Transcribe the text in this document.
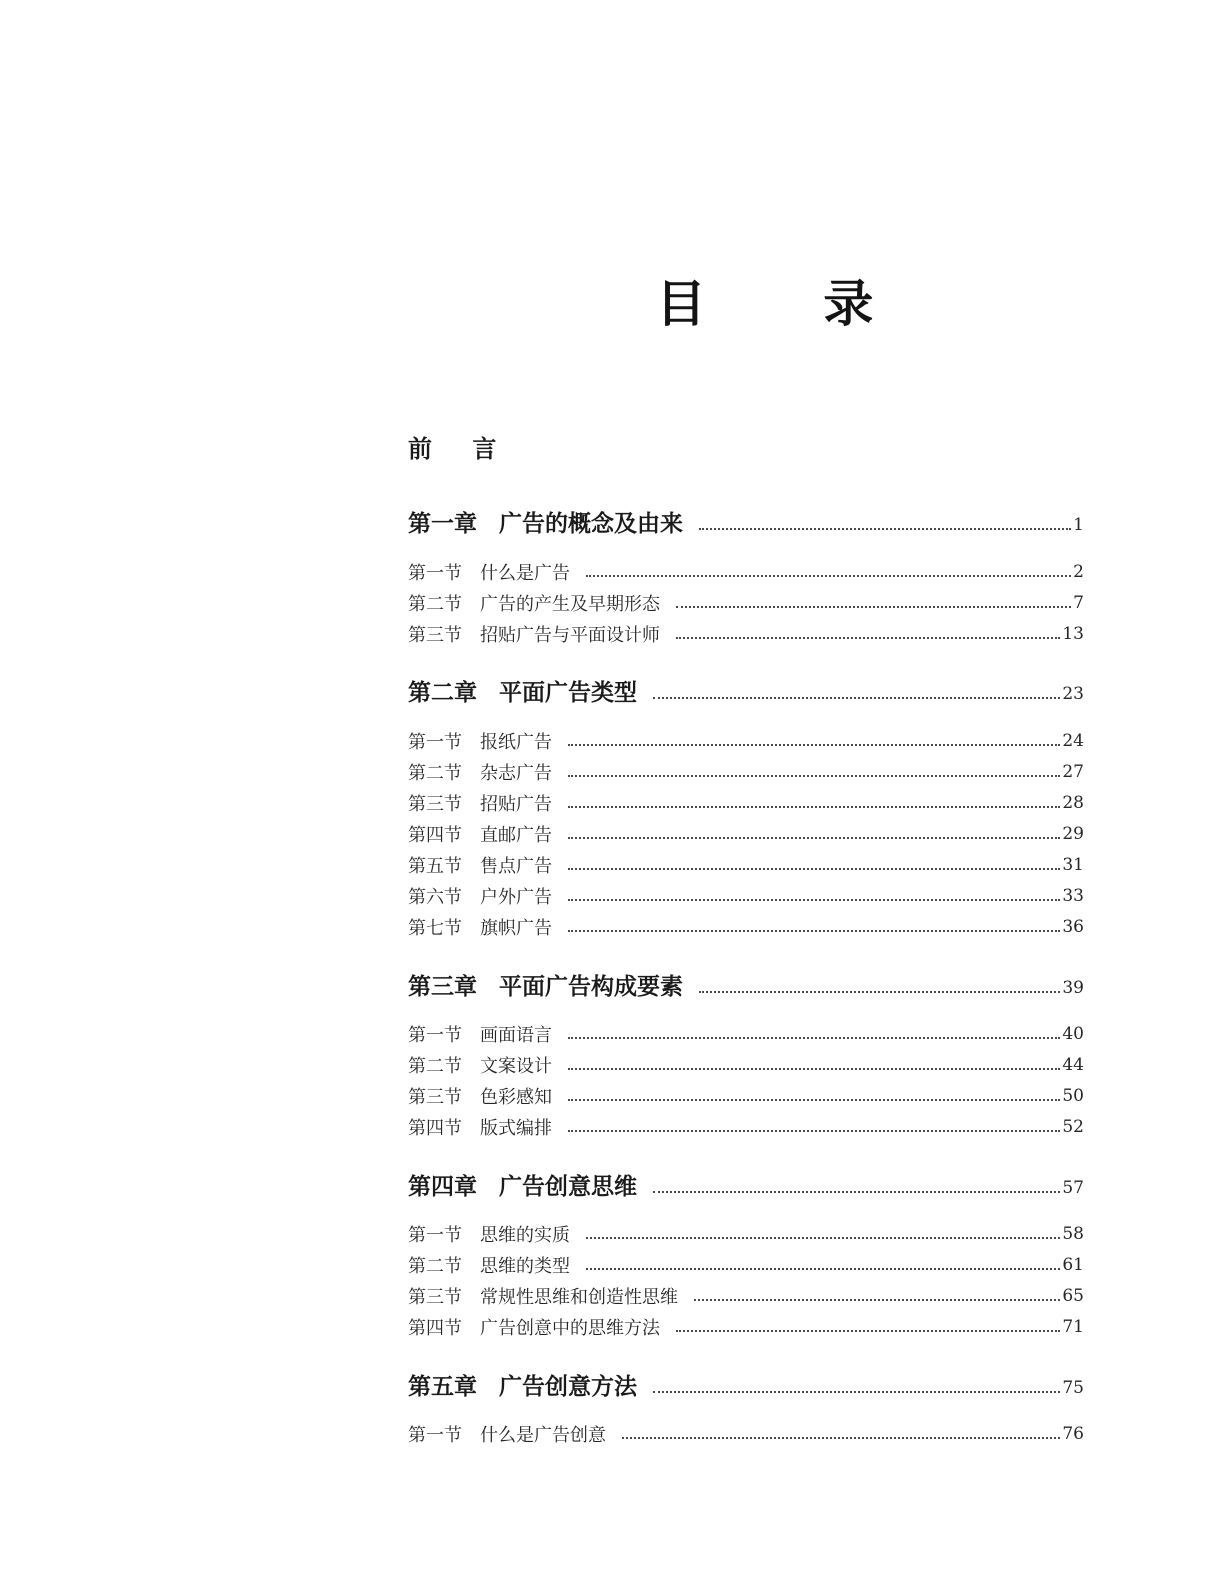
目 录
前 言
第一章 广告的概念及由来	1
第一节 什么是广告	2
第二节 广告的产生及早期形态	7
第三节 招贴广告与平面设计师	13
第二章 平面广告类型	23
第一节 报纸广告	24
第二节 杂志广告	27
第三节 招贴广告	28
第四节 直邮广告	29
第五节 售点广告	31
第六节 户外广告	33
第七节 旗帜广告	36
第三章 平面广告构成要素	39
第一节 画面语言	40
第二节 文案设计	44
第三节 色彩感知	50
第四节 版式编排	52
第四章 广告创意思维	57
第一节 思维的实质	58
第二节 思维的类型	61
第三节 常规性思维和创造性思维	65
第四节 广告创意中的思维方法	71
第五章 广告创意方法	75
第一节 什么是广告创意	76
